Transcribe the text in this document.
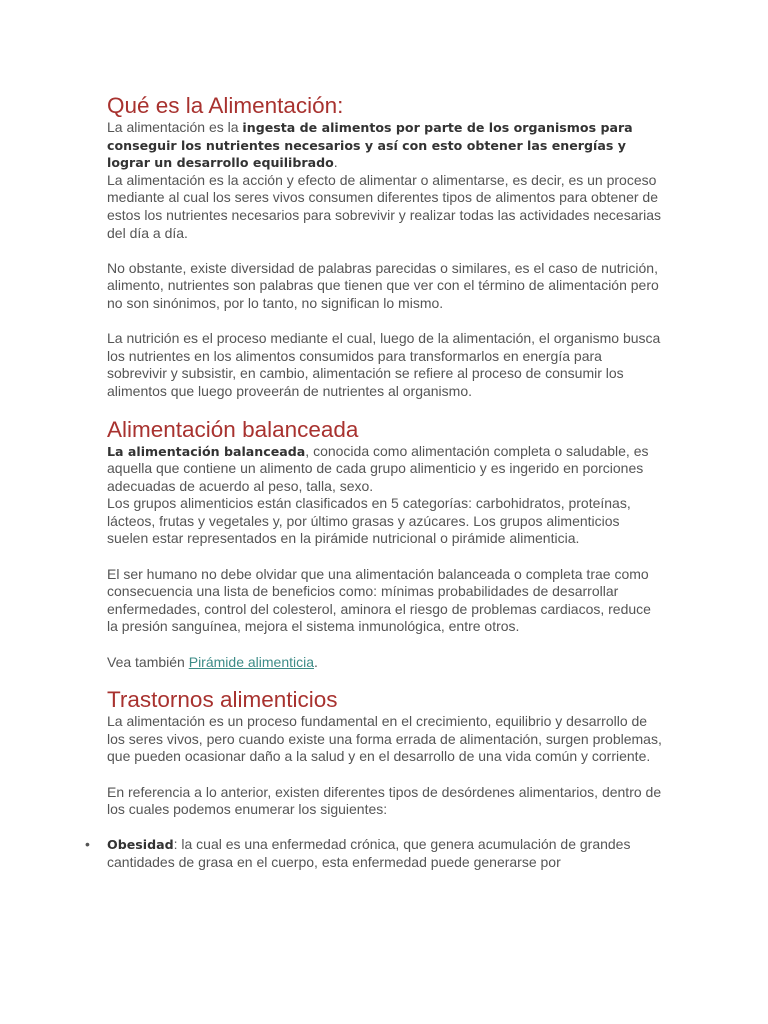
Qué es la Alimentación:

La alimentación es la ingesta de alimentos por parte de los organismos para conseguir los nutrientes necesarios y así con esto obtener las energías y lograr un desarrollo equilibrado.

La alimentación es la acción y efecto de alimentar o alimentarse, es decir, es un proceso mediante al cual los seres vivos consumen diferentes tipos de alimentos para obtener de estos los nutrientes necesarios para sobrevivir y realizar todas las actividades necesarias del día a día.

No obstante, existe diversidad de palabras parecidas o similares, es el caso de nutrición, alimento, nutrientes son palabras que tienen que ver con el término de alimentación pero no son sinónimos, por lo tanto, no significan lo mismo.

La nutrición es el proceso mediante el cual, luego de la alimentación, el organismo busca los nutrientes en los alimentos consumidos para transformarlos en energía para sobrevivir y subsistir, en cambio, alimentación se refiere al proceso de consumir los alimentos que luego proveerán de nutrientes al organismo.

Alimentación balanceada

La alimentación balanceada, conocida como alimentación completa o saludable, es aquella que contiene un alimento de cada grupo alimenticio y es ingerido en porciones adecuadas de acuerdo al peso, talla, sexo.

Los grupos alimenticios están clasificados en 5 categorías: carbohidratos, proteínas, lácteos, frutas y vegetales y, por último grasas y azúcares. Los grupos alimenticios suelen estar representados en la pirámide nutricional o pirámide alimenticia.

El ser humano no debe olvidar que una alimentación balanceada o completa trae como consecuencia una lista de beneficios como: mínimas probabilidades de desarrollar enfermedades, control del colesterol, aminora el riesgo de problemas cardiacos, reduce la presión sanguínea, mejora el sistema inmunológica, entre otros.

Vea también Pirámide alimenticia.

Trastornos alimenticios

La alimentación es un proceso fundamental en el crecimiento, equilibrio y desarrollo de los seres vivos, pero cuando existe una forma errada de alimentación, surgen problemas, que pueden ocasionar daño a la salud y en el desarrollo de una vida común y corriente.

En referencia a lo anterior, existen diferentes tipos de desórdenes alimentarios, dentro de los cuales podemos enumerar los siguientes:

• Obesidad: la cual es una enfermedad crónica, que genera acumulación de grandes cantidades de grasa en el cuerpo, esta enfermedad puede generarse por
